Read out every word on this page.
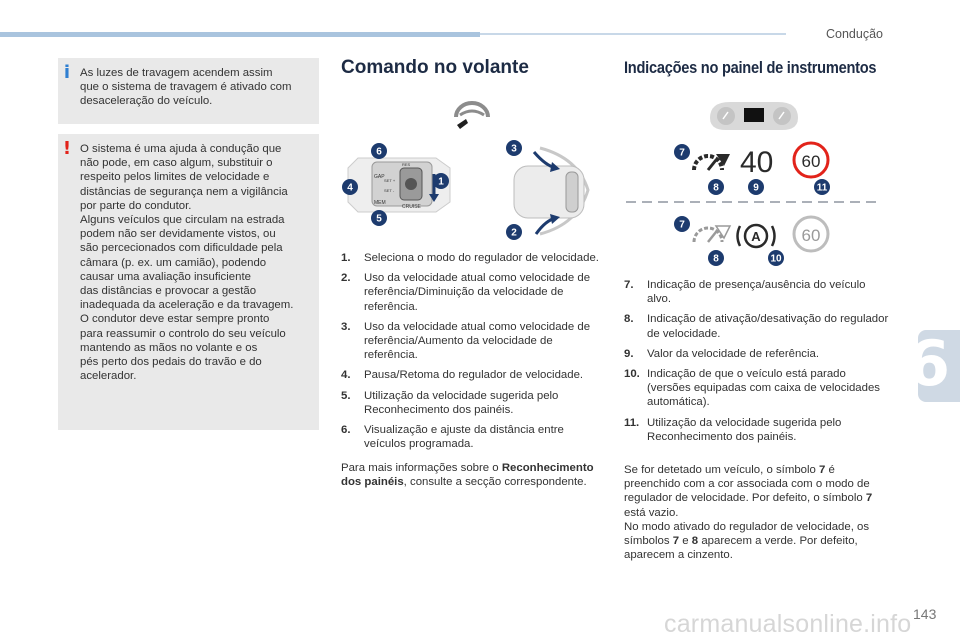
Condução
6
i As luzes de travagem acendem assim
que o sistema de travagem é ativado com
desaceleração do veículo.
! O sistema é uma ajuda à condução que
não pode, em caso algum, substituir o
respeito pelos limites de velocidade e
distâncias de segurança nem a vigilância
por parte do condutor.
Alguns veículos que circulam na estrada
podem não ser devidamente vistos, ou
são percecionados com dificuldade pela
câmara (p. ex. um camião), podendo
causar uma avaliação insuficiente
das distâncias e provocar a gestão
inadequada da aceleração e da travagem.
O condutor deve estar sempre pronto
para reassumir o controlo do seu veículo
mantendo as mãos no volante e os
pés perto dos pedais do travão e do
acelerador.
Comando no volante
GAP
MEM
CRUISE
SET +
SET -
RES
6
4
5
1
3
2
1.	Seleciona o modo do regulador de velocidade.
2.	Uso da velocidade atual como velocidade de referência/Diminuição da velocidade de referência.
3.	Uso da velocidade atual como velocidade de referência/Aumento da velocidade de referência.
4.	Pausa/Retoma do regulador de velocidade.
5.	Utilização da velocidade sugerida pelo Reconhecimento dos painéis.
6.	Visualização e ajuste da distância entre veículos programada.
Para mais informações sobre o Reconhecimento dos painéis, consulte a secção correspondente.
Indicações no painel de instrumentos
40 60
7
8	9	11
A 60
7
8	10
7.	Indicação de presença/ausência do veículo alvo.
8.	Indicação de ativação/desativação do regulador de velocidade.
9.	Valor da velocidade de referência.
10. Indicação de que o veículo está parado (versões equipadas com caixa de velocidades automática).
11. Utilização da velocidade sugerida pelo Reconhecimento dos painéis.
Se for detetado um veículo, o símbolo 7 é preenchido com a cor associada com o modo de regulador de velocidade. Por defeito, o símbolo 7 está vazio.
No modo ativado do regulador de velocidade, os símbolos 7 e 8 aparecem a verde. Por defeito, aparecem a cinzento.
carmanualsonline.info 143
